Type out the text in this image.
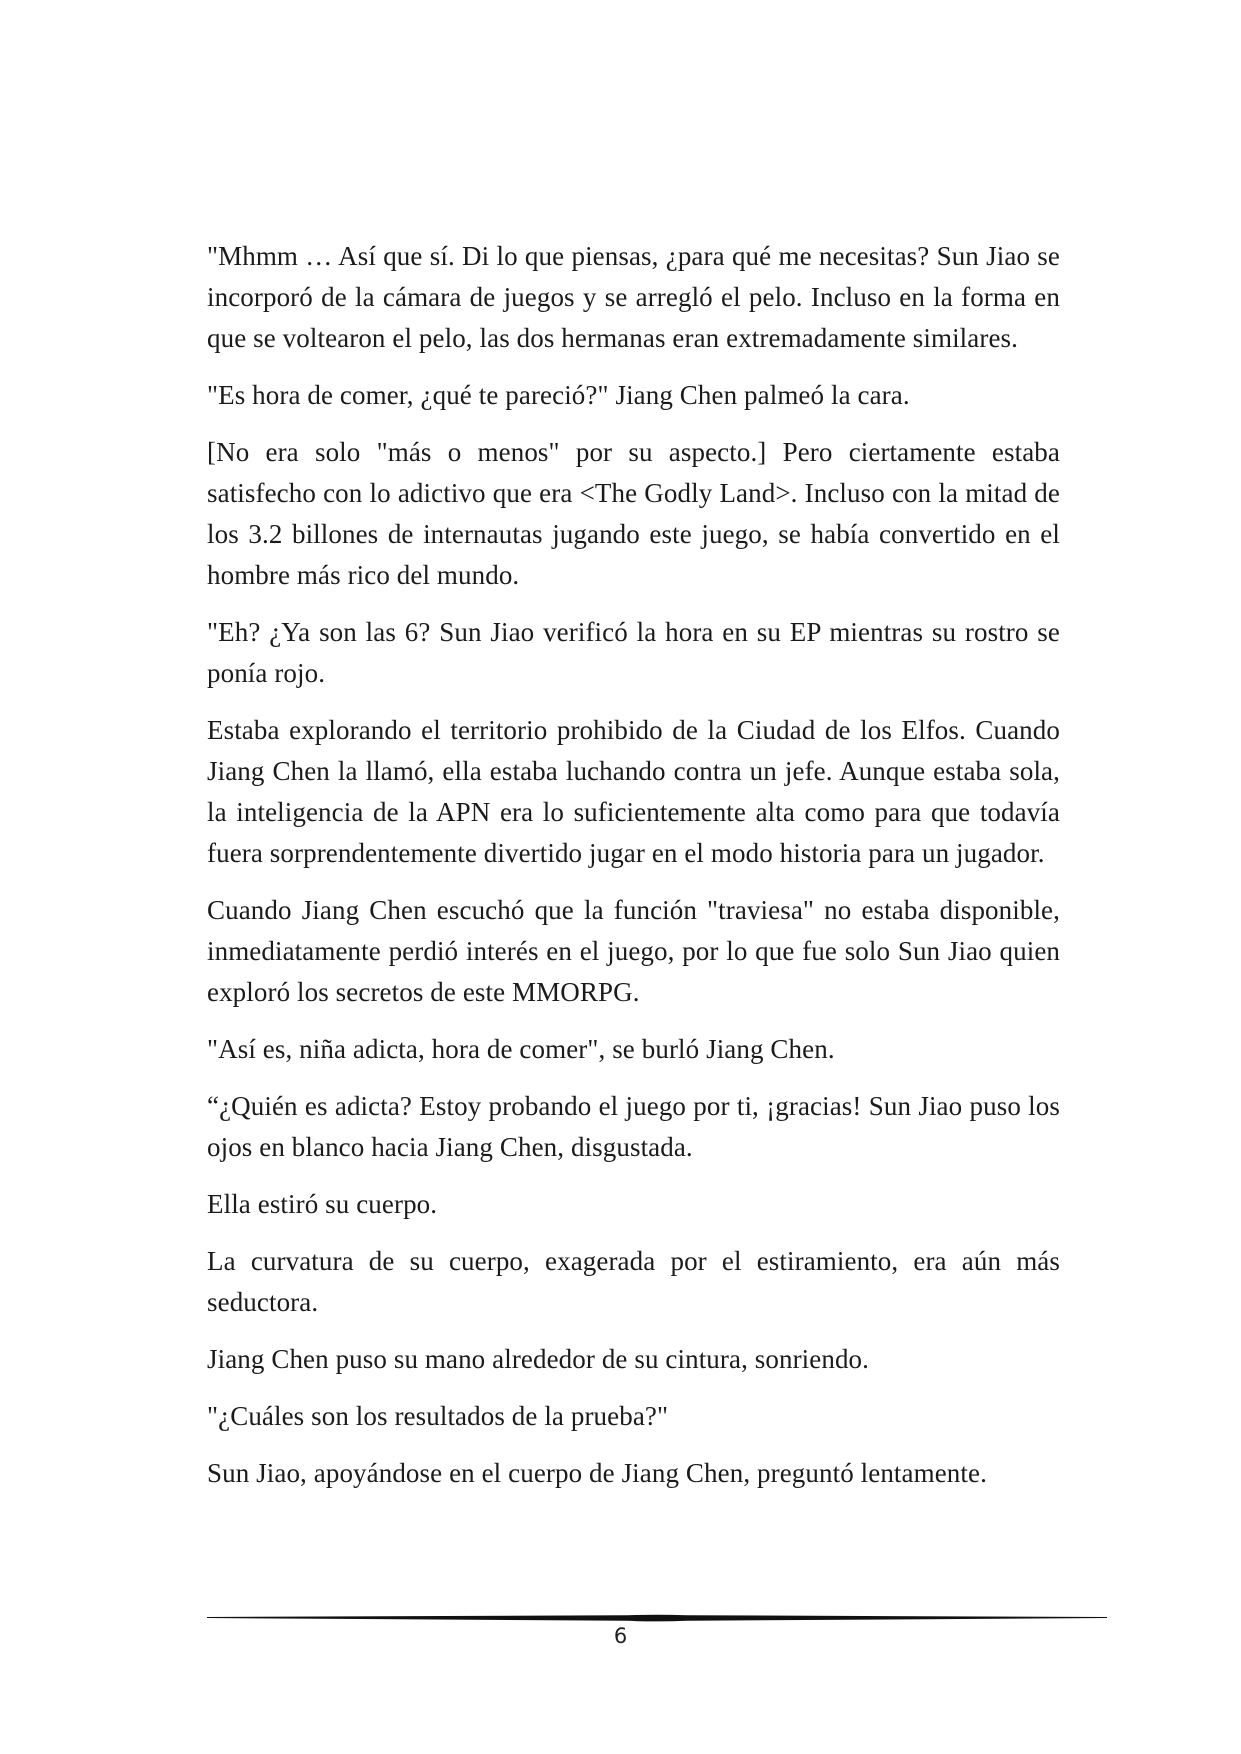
"Mhmm … Así que sí. Di lo que piensas, ¿para qué me necesitas? Sun Jiao se incorporó de la cámara de juegos y se arregló el pelo. Incluso en la forma en que se voltearon el pelo, las dos hermanas eran extremadamente similares.

"Es hora de comer, ¿qué te pareció?" Jiang Chen palmeó la cara.

[No era solo "más o menos" por su aspecto.] Pero ciertamente estaba satisfecho con lo adictivo que era <The Godly Land>. Incluso con la mitad de los 3.2 billones de internautas jugando este juego, se había convertido en el hombre más rico del mundo.

"Eh? ¿Ya son las 6? Sun Jiao verificó la hora en su EP mientras su rostro se ponía rojo.

Estaba explorando el territorio prohibido de la Ciudad de los Elfos. Cuando Jiang Chen la llamó, ella estaba luchando contra un jefe. Aunque estaba sola, la inteligencia de la APN era lo suficientemente alta como para que todavía fuera sorprendentemente divertido jugar en el modo historia para un jugador.

Cuando Jiang Chen escuchó que la función "traviesa" no estaba disponible, inmediatamente perdió interés en el juego, por lo que fue solo Sun Jiao quien exploró los secretos de este MMORPG.

"Así es, niña adicta, hora de comer", se burló Jiang Chen.

“¿Quién es adicta? Estoy probando el juego por ti, ¡gracias! Sun Jiao puso los ojos en blanco hacia Jiang Chen, disgustada.

Ella estiró su cuerpo.

La curvatura de su cuerpo, exagerada por el estiramiento, era aún más seductora.

Jiang Chen puso su mano alrededor de su cintura, sonriendo.

"¿Cuáles son los resultados de la prueba?"

Sun Jiao, apoyándose en el cuerpo de Jiang Chen, preguntó lentamente.

6
